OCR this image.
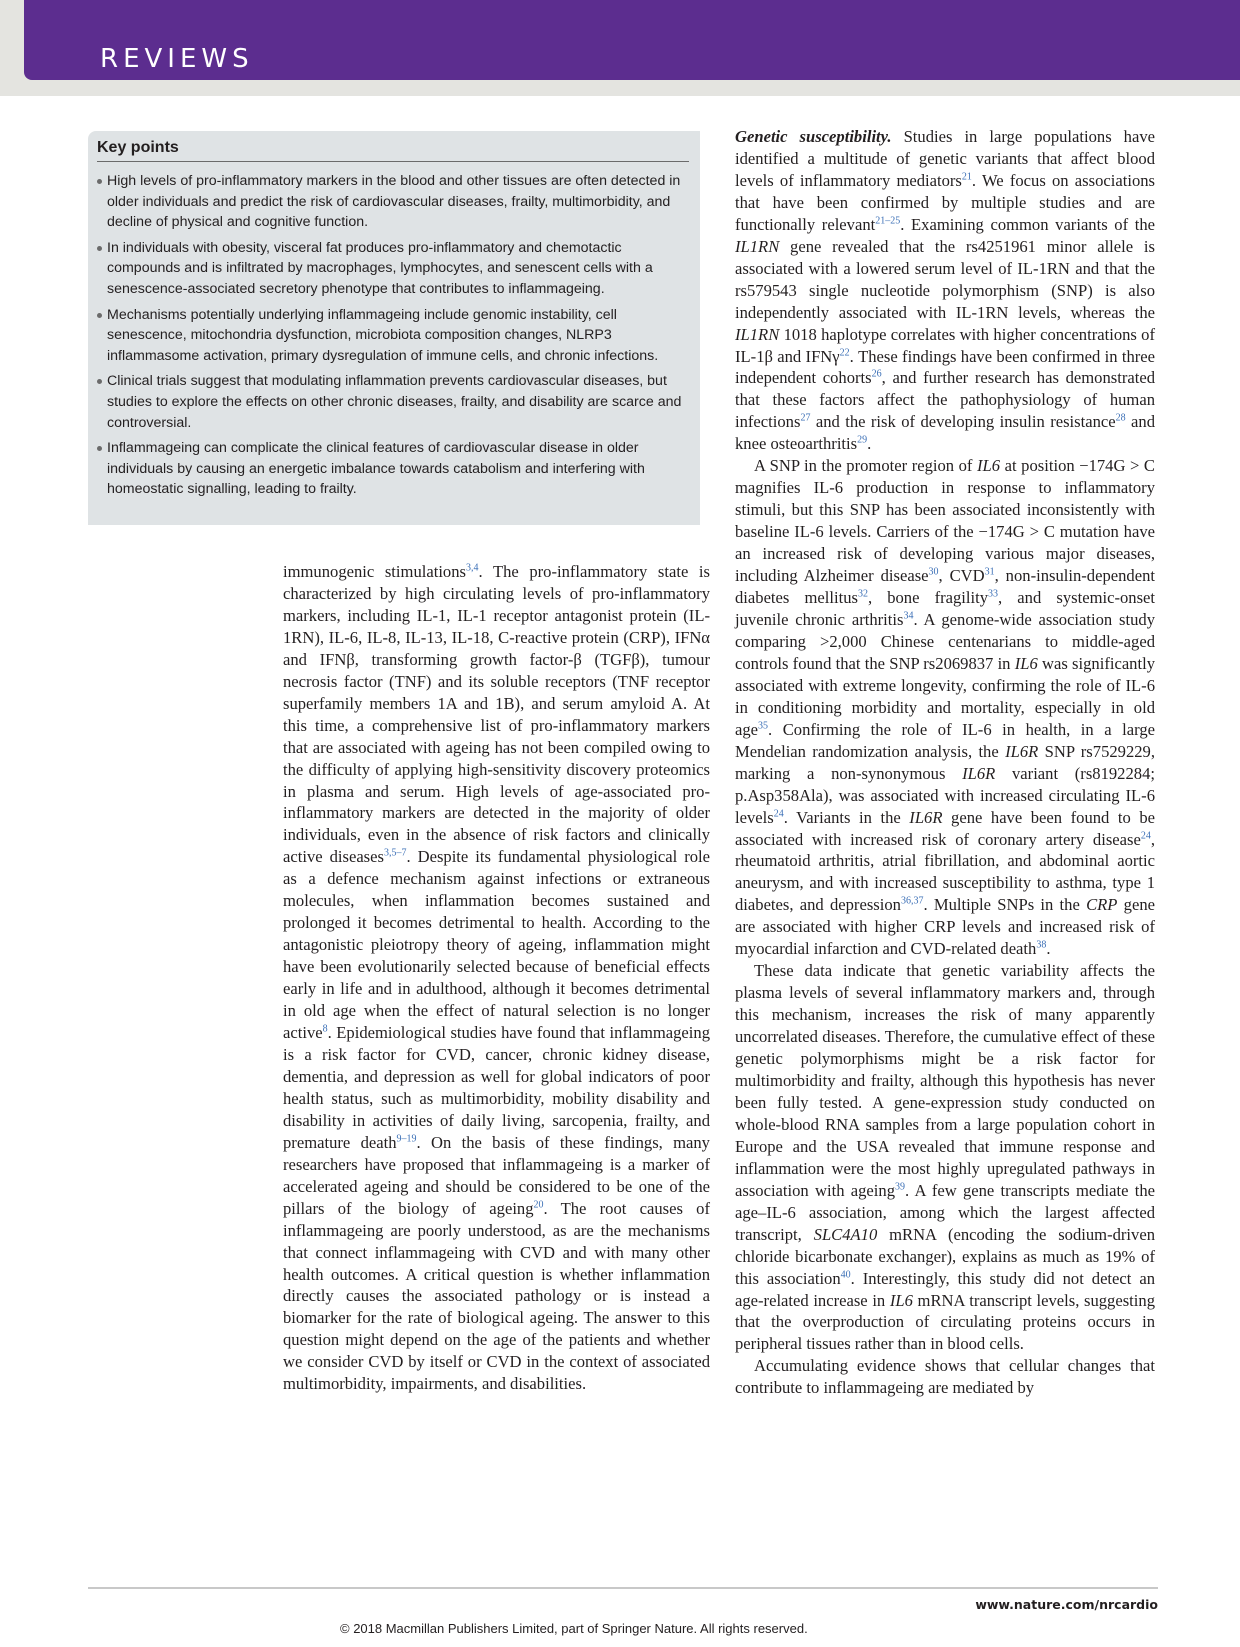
REVIEWS
Key points
High levels of pro-inflammatory markers in the blood and other tissues are often detected in older individuals and predict the risk of cardiovascular diseases, frailty, multimorbidity, and decline of physical and cognitive function.
In individuals with obesity, visceral fat produces pro-inflammatory and chemotactic compounds and is infiltrated by macrophages, lymphocytes, and senescent cells with a senescence-associated secretory phenotype that contributes to inflammageing.
Mechanisms potentially underlying inflammageing include genomic instability, cell senescence, mitochondria dysfunction, microbiota composition changes, NLRP3 inflammasome activation, primary dysregulation of immune cells, and chronic infections.
Clinical trials suggest that modulating inflammation prevents cardiovascular diseases, but studies to explore the effects on other chronic diseases, frailty, and disability are scarce and controversial.
Inflammageing can complicate the clinical features of cardiovascular disease in older individuals by causing an energetic imbalance towards catabolism and interfering with homeostatic signalling, leading to frailty.

immunogenic stimulations$^{3,4}$. The pro-inflammatory state is characterized by high circulating levels of pro-inflammatory markers, including IL-1, IL-1 receptor antagonist protein (IL-1RN), IL-6, IL-8, IL-13, IL-18, C-reactive protein (CRP), IFNα and IFNβ, transforming growth factor-β (TGFβ), tumour necrosis factor (TNF) and its soluble receptors (TNF receptor superfamily members 1A and 1B), and serum amyloid A. At this time, a comprehensive list of pro-inflammatory markers that are associated with ageing has not been compiled owing to the difficulty of applying high-sensitivity discovery proteomics in plasma and serum. High levels of age-associated pro-inflammatory markers are detected in the majority of older individuals, even in the absence of risk factors and clinically active diseases$^{3,5-7}$. Despite its fundamental physiological role as a defence mechanism against infections or extraneous molecules, when inflammation becomes sustained and prolonged it becomes detrimental to health. According to the antagonistic pleiotropy theory of ageing, inflammation might have been evolutionarily selected because of beneficial effects early in life and in adulthood, although it becomes detrimental in old age when the effect of natural selection is no longer active$^8$. Epidemiological studies have found that inflammageing is a risk factor for CVD, cancer, chronic kidney disease, dementia, and depression as well for global indicators of poor health status, such as multimorbidity, mobility disability and disability in activities of daily living, sarcopenia, frailty, and premature death$^{9-19}$. On the basis of these findings, many researchers have proposed that inflammageing is a marker of accelerated ageing and should be considered to be one of the pillars of the biology of ageing$^{20}$. The root causes of inflammageing are poorly understood, as are the mechanisms that connect inflammageing with CVD and with many other health outcomes. A critical question is whether inflammation directly causes the associated pathology or is instead a biomarker for the rate of biological ageing. The answer to this question might depend on the age of the patients and whether we consider CVD by itself or CVD in the context of associated multimorbidity, impairments, and disabilities.

Genetic susceptibility. Studies in large populations have identified a multitude of genetic variants that affect blood levels of inflammatory mediators$^{21}$. We focus on associations that have been confirmed by multiple studies and are functionally relevant$^{21-25}$. Examining common variants of the IL1RN gene revealed that the rs4251961 minor allele is associated with a lowered serum level of IL-1RN and that the rs579543 single nucleotide polymorphism (SNP) is also independently associated with IL-1RN levels, whereas the IL1RN 1018 haplotype correlates with higher concentrations of IL-1β and IFNγ$^{22}$. These findings have been confirmed in three independent cohorts$^{26}$, and further research has demonstrated that these factors affect the pathophysiology of human infections$^{27}$ and the risk of developing insulin resistance$^{28}$ and knee osteoarthritis$^{29}$.

A SNP in the promoter region of IL6 at position −174G > C magnifies IL-6 production in response to inflammatory stimuli, but this SNP has been associated inconsistently with baseline IL-6 levels. Carriers of the −174G > C mutation have an increased risk of developing various major diseases, including Alzheimer disease$^{30}$, CVD$^{31}$, non-insulin-dependent diabetes mellitus$^{32}$, bone fragility$^{33}$, and systemic-onset juvenile chronic arthritis$^{34}$. A genome-wide association study comparing >2,000 Chinese centenarians to middle-aged controls found that the SNP rs2069837 in IL6 was significantly associated with extreme longevity, confirming the role of IL-6 in conditioning morbidity and mortality, especially in old age$^{35}$. Confirming the role of IL-6 in health, in a large Mendelian randomization analysis, the IL6R SNP rs7529229, marking a non-synonymous IL6R variant (rs8192284; p.Asp358Ala), was associated with increased circulating IL-6 levels$^{24}$. Variants in the IL6R gene have been found to be associated with increased risk of coronary artery disease$^{24}$, rheumatoid arthritis, atrial fibrillation, and abdominal aortic aneurysm, and with increased susceptibility to asthma, type 1 diabetes, and depression$^{36,37}$. Multiple SNPs in the CRP gene are associated with higher CRP levels and increased risk of myocardial infarction and CVD-related death$^{38}$.

These data indicate that genetic variability affects the plasma levels of several inflammatory markers and, through this mechanism, increases the risk of many apparently uncorrelated diseases. Therefore, the cumulative effect of these genetic polymorphisms might be a risk factor for multimorbidity and frailty, although this hypothesis has never been fully tested. A gene-expression study conducted on whole-blood RNA samples from a large population cohort in Europe and the USA revealed that immune response and inflammation were the most highly upregulated pathways in association with ageing$^{39}$. A few gene transcripts mediate the age–IL-6 association, among which the largest affected transcript, SLC4A10 mRNA (encoding the sodium-driven chloride bicarbonate exchanger), explains as much as 19% of this association$^{40}$. Interestingly, this study did not detect an age-related increase in IL6 mRNA transcript levels, suggesting that the overproduction of circulating proteins occurs in peripheral tissues rather than in blood cells.

Accumulating evidence shows that cellular changes that contribute to inflammageing are mediated by

www.nature.com/nrcardio
© 2018 Macmillan Publishers Limited, part of Springer Nature. All rights reserved.
